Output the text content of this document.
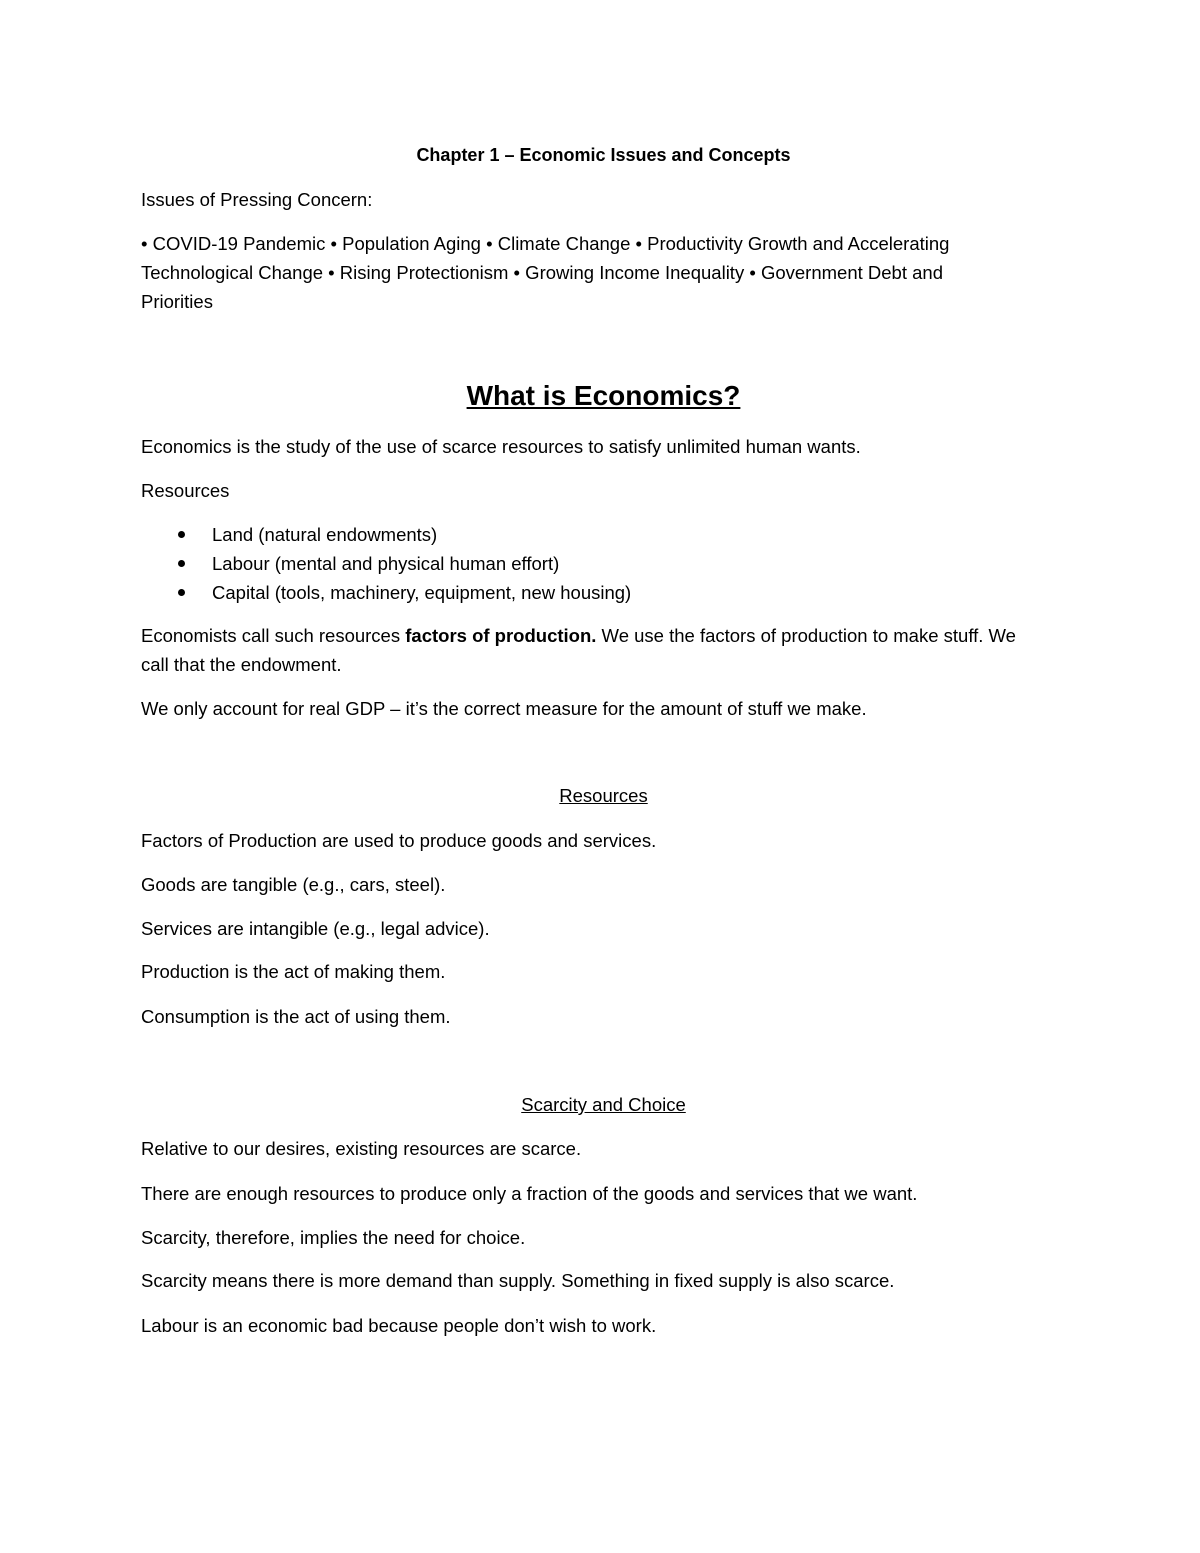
Chapter 1 – Economic Issues and Concepts

Issues of Pressing Concern:

• COVID-19 Pandemic • Population Aging • Climate Change • Productivity Growth and Accelerating

Technological Change • Rising Protectionism • Growing Income Inequality • Government Debt and

Priorities

What is Economics?

Economics is the study of the use of scarce resources to satisfy unlimited human wants.

Resources

Land (natural endowments)
Labour (mental and physical human effort)
Capital (tools, machinery, equipment, new housing)

Economists call such resources factors of production. We use the factors of production to make stuff. We

call that the endowment.

We only account for real GDP – it’s the correct measure for the amount of stuff we make.

Resources

Factors of Production are used to produce goods and services.

Goods are tangible (e.g., cars, steel).

Services are intangible (e.g., legal advice).

Production is the act of making them.

Consumption is the act of using them.

Scarcity and Choice

Relative to our desires, existing resources are scarce.

There are enough resources to produce only a fraction of the goods and services that we want.

Scarcity, therefore, implies the need for choice.

Scarcity means there is more demand than supply. Something in fixed supply is also scarce.

Labour is an economic bad because people don’t wish to work.
